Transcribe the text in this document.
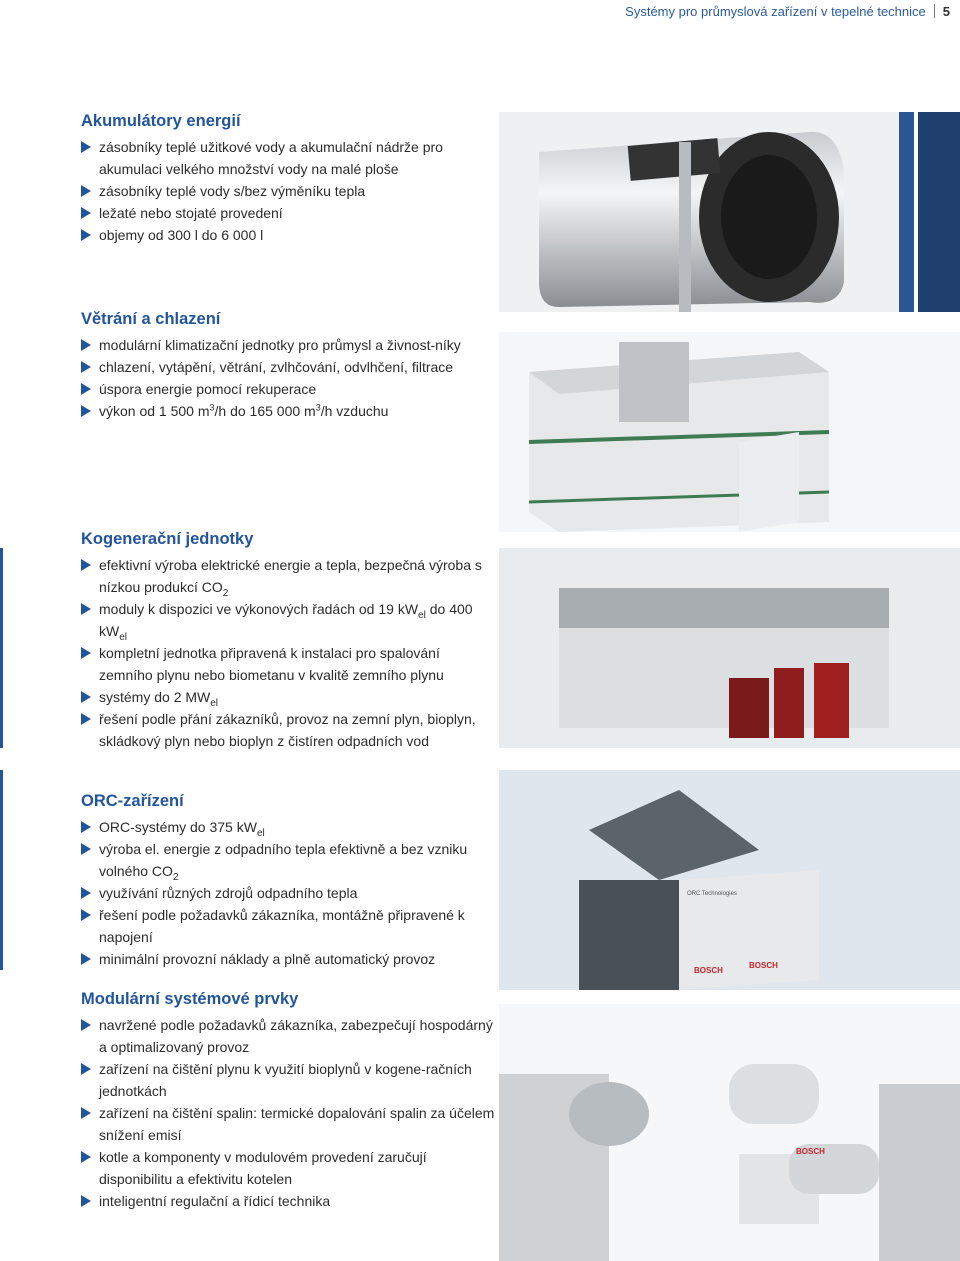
Systémy pro průmyslová zařízení v tepelné technice	5
Akumulátory energií
zásobníky teplé užitkové vody a akumulační nádrže pro akumulaci velkého množství vody na malé ploše
zásobníky teplé vody s/bez výměníku tepla
ležaté nebo stojaté provedení
objemy od 300 l do 6 000 l
Větrání a chlazení
modulární klimatizační jednotky pro průmysl a živnost-níky
chlazení, vytápění, větrání, zvlhčování, odvlhčení, filtrace
úspora energie pomocí rekuperace
výkon od 1 500 $m^3/h$ do 165 000 $m^3/h$ vzduchu
Kogenerační jednotky
efektivní výroba elektrické energie a tepla, bezpečná výroba s nízkou produkcí $CO_2$
moduly k dispozici ve výkonových řadách od 19 $kW_{el}$ do 400 $kW_{el}$
kompletní jednotka připravená k instalaci pro spalování zemního plynu nebo biometanu v kvalitě zemního plynu
systémy do 2 $MW_{el}$
řešení podle přání zákazníků, provoz na zemní plyn, bioplyn, skládkový plyn nebo bioplyn z čistíren odpadních vod
ORC-zařízení
ORC-systémy do 375 $kW_{el}$
výroba el. energie z odpadního tepla efektivně a bez vzniku volného $CO_2$
využívání různých zdrojů odpadního tepla
řešení podle požadavků zákazníka, montážně připravené k napojení
minimální provozní náklady a plně automatický provoz
Modulární systémové prvky
navržené podle požadavků zákazníka, zabezpečují hospodárný a optimalizovaný provoz
zařízení na čištění plynu k využití bioplynů v kogene-račních jednotkách
zařízení na čištění spalin: termické dopalování spalin za účelem snížení emisí
kotle a komponenty v modulovém provedení zaručují disponibilitu a efektivitu kotelen
inteligentní regulační a řídicí technika
ORC Technologies
BOSCH
BOSCH
BOSCH
